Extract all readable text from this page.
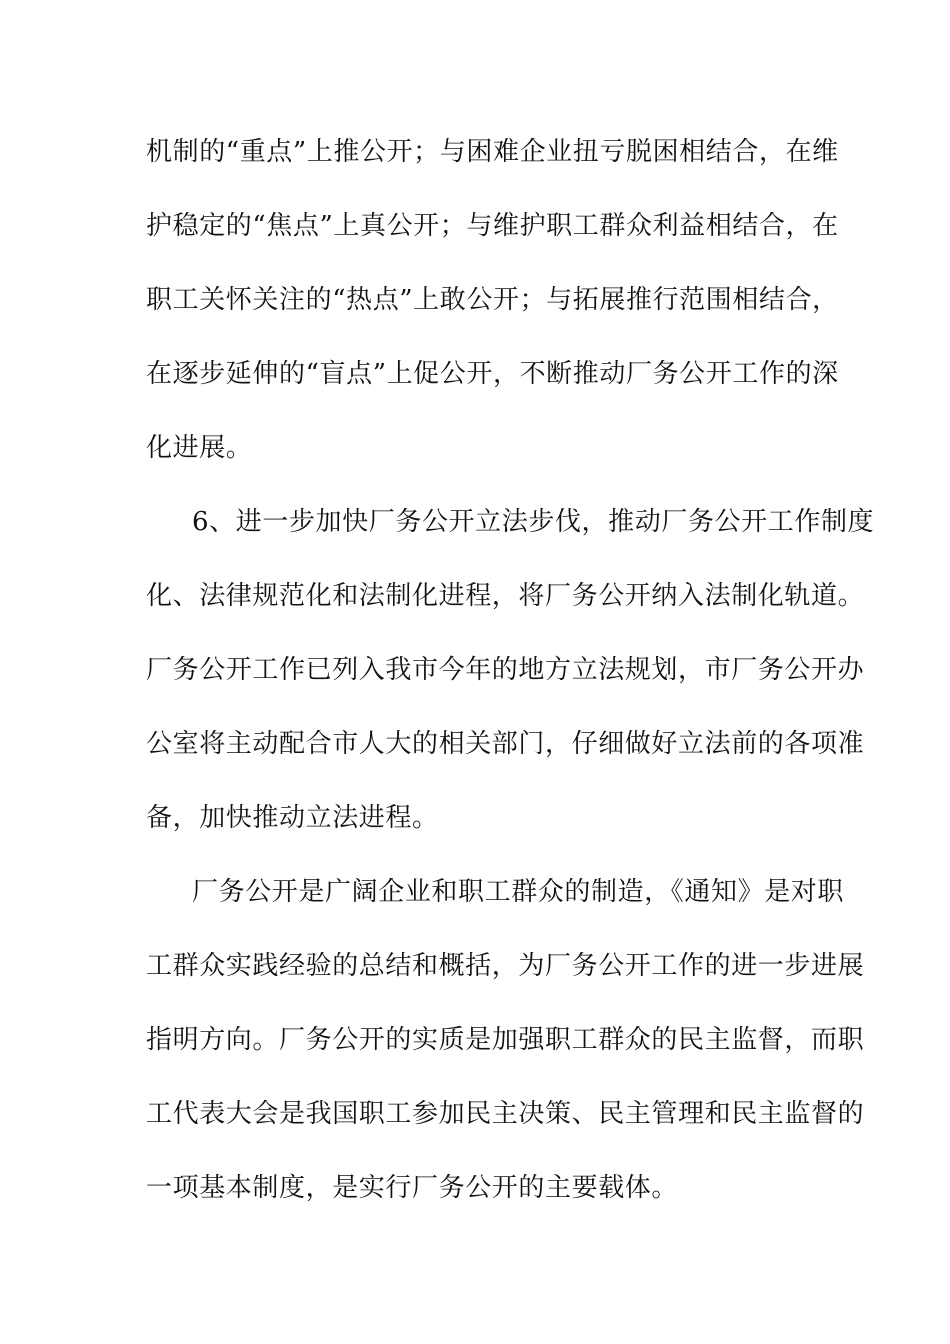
机制的“重点”上推公开；与困难企业扭亏脱困相结合，在维
护稳定的“焦点”上真公开；与维护职工群众利益相结合，在
职工关怀关注的“热点”上敢公开；与拓展推行范围相结合，
在逐步延伸的“盲点”上促公开，不断推动厂务公开工作的深
化进展。
6、进一步加快厂务公开立法步伐，推动厂务公开工作制度
化、法律规范化和法制化进程，将厂务公开纳入法制化轨道。
厂务公开工作已列入我市今年的地方立法规划，市厂务公开办
公室将主动配合市人大的相关部门，仔细做好立法前的各项准
备，加快推动立法进程。
厂务公开是广阔企业和职工群众的制造，《通知》是对职
工群众实践经验的总结和概括，为厂务公开工作的进一步进展
指明方向。厂务公开的实质是加强职工群众的民主监督，而职
工代表大会是我国职工参加民主决策、民主管理和民主监督的
一项基本制度，是实行厂务公开的主要载体。
